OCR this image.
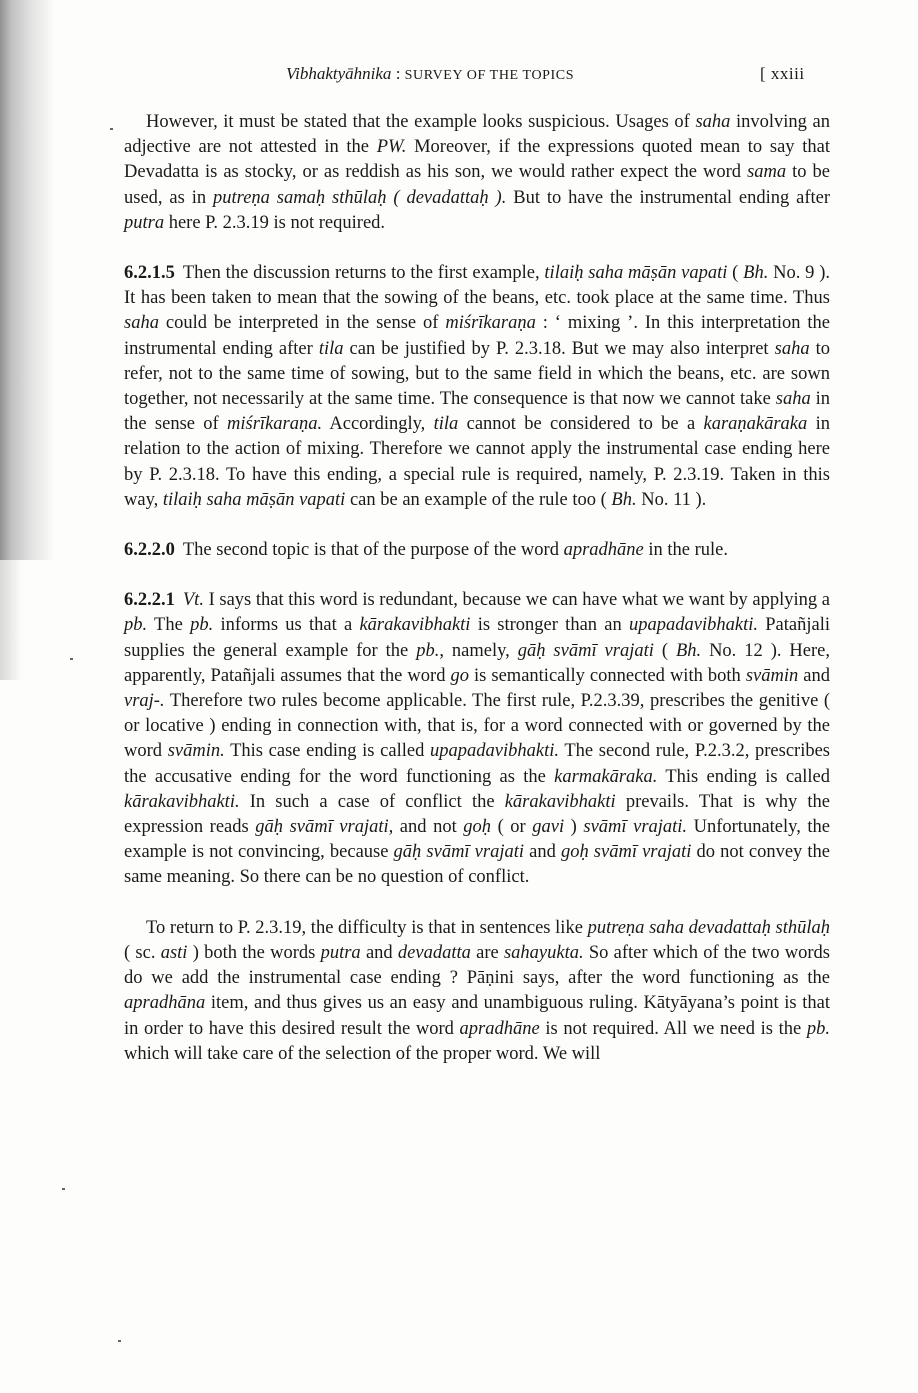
Vibhaktyāhnika : SURVEY OF THE TOPICS	[ xxiii

However, it must be stated that the example looks suspicious. Usages of saha involving an adjective are not attested in the PW. Moreover, if the expressions quoted mean to say that Devadatta is as stocky, or as reddish as his son, we would rather expect the word sama to be used, as in putreṇa samaḥ sthūlaḥ ( devadattaḥ ). But to have the instrumental ending after putra here P. 2.3.19 is not required.

6.2.1.5 Then the discussion returns to the first example, tilaiḥ saha māṣān vapati ( Bh. No. 9 ). It has been taken to mean that the sowing of the beans, etc. took place at the same time. Thus saha could be interpreted in the sense of miśrīkaraṇa : ‘ mixing ’. In this interpretation the instrumental ending after tila can be justified by P. 2.3.18. But we may also interpret saha to refer, not to the same time of sowing, but to the same field in which the beans, etc. are sown together, not necessarily at the same time. The consequence is that now we cannot take saha in the sense of miśrīkaraṇa. Accordingly, tila cannot be considered to be a karaṇakāraka in relation to the action of mixing. Therefore we cannot apply the instrumental case ending here by P. 2.3.18. To have this ending, a special rule is required, namely, P. 2.3.19. Taken in this way, tilaiḥ saha māṣān vapati can be an example of the rule too ( Bh. No. 11 ).

6.2.2.0 The second topic is that of the purpose of the word apradhāne in the rule.

6.2.2.1 Vt. I says that this word is redundant, because we can have what we want by applying a pb. The pb. informs us that a kārakavibhakti is stronger than an upapadavibhakti. Patañjali supplies the general example for the pb., namely, gāḥ svāmī vrajati ( Bh. No. 12 ). Here, apparently, Patañjali assumes that the word go is semantically connected with both svāmin and vraj-. Therefore two rules become applicable. The first rule, P.2.3.39, prescribes the genitive ( or locative ) ending in connection with, that is, for a word connected with or governed by the word svāmin. This case ending is called upapadavibhakti. The second rule, P.2.3.2, prescribes the accusative ending for the word functioning as the karmakāraka. This ending is called kārakavibhakti. In such a case of conflict the kārakavibhakti prevails. That is why the expression reads gāḥ svāmī vrajati, and not goḥ ( or gavi ) svāmī vrajati. Unfortunately, the example is not convincing, because gāḥ svāmī vrajati and goḥ svāmī vrajati do not convey the same meaning. So there can be no question of conflict.

To return to P. 2.3.19, the difficulty is that in sentences like putreṇa saha devadattaḥ sthūlaḥ ( sc. asti ) both the words putra and devadatta are sahayukta. So after which of the two words do we add the instrumental case ending ? Pāṇini says, after the word functioning as the apradhāna item, and thus gives us an easy and unambiguous ruling. Kātyāyana’s point is that in order to have this desired result the word apradhāne is not required. All we need is the pb. which will take care of the selection of the proper word. We will
